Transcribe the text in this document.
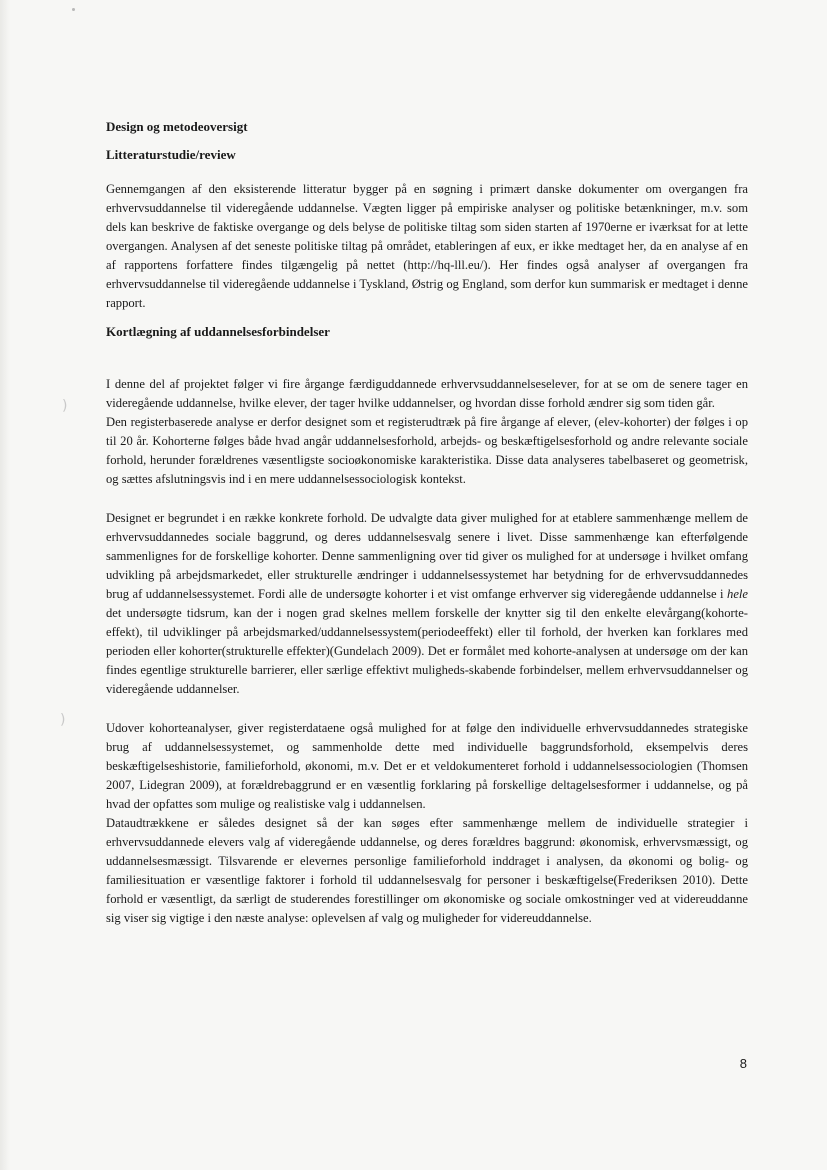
)
)
Design og metodeoversigt
Litteraturstudie/review

Gennemgangen af den eksisterende litteratur bygger på en søgning i primært danske dokumenter om overgangen fra erhvervsuddannelse til videregående uddannelse. Vægten ligger på empiriske analyser og politiske betænkninger, m.v. som dels kan beskrive de faktiske overgange og dels belyse de politiske tiltag som siden starten af 1970erne er iværksat for at lette overgangen. Analysen af det seneste politiske tiltag på området, etableringen af eux, er ikke medtaget her, da en analyse af en af rapportens forfattere findes tilgængelig på nettet (http://hq-lll.eu/). Her findes også analyser af overgangen fra erhvervsuddannelse til videregående uddannelse i Tyskland, Østrig og England, som derfor kun summarisk er medtaget i denne rapport.

Kortlægning af uddannelsesforbindelser

I denne del af projektet følger vi fire årgange færdiguddannede erhvervsuddannelseselever, for at se om de senere tager en videregående uddannelse, hvilke elever, der tager hvilke uddannelser, og hvordan disse forhold ændrer sig som tiden går.

Den registerbaserede analyse er derfor designet som et registerudtræk på fire årgange af elever, (elev-kohorter) der følges i op til 20 år. Kohorterne følges både hvad angår uddannelsesforhold, arbejds- og beskæftigelsesforhold og andre relevante sociale forhold, herunder forældrenes væsentligste socioøkonomiske karakteristika. Disse data analyseres tabelbaseret og geometrisk, og sættes afslutningsvis ind i en mere uddannelsessociologisk kontekst.

Designet er begrundet i en række konkrete forhold. De udvalgte data giver mulighed for at etablere sammenhænge mellem de erhvervsuddannedes sociale baggrund, og deres uddannelsesvalg senere i livet. Disse sammenhænge kan efterfølgende sammenlignes for de forskellige kohorter. Denne sammenligning over tid giver os mulighed for at undersøge i hvilket omfang udvikling på arbejdsmarkedet, eller strukturelle ændringer i uddannelsessystemet har betydning for de erhvervsuddannedes brug af uddannelsessystemet. Fordi alle de undersøgte kohorter i et vist omfange erhverver sig videregående uddannelse i hele det undersøgte tidsrum, kan der i nogen grad skelnes mellem forskelle der knytter sig til den enkelte elevårgang(kohorte-effekt), til udviklinger på arbejdsmarked/uddannelsessystem(periodeeffekt) eller til forhold, der hverken kan forklares med perioden eller kohorter(strukturelle effekter)(Gundelach 2009). Det er formålet med kohorte-analysen at undersøge om der kan findes egentlige strukturelle barrierer, eller særlige effektivt muligheds-skabende forbindelser, mellem erhvervsuddannelser og videregående uddannelser.

Udover kohorteanalyser, giver registerdataene også mulighed for at følge den individuelle erhvervsuddannedes strategiske brug af uddannelsessystemet, og sammenholde dette med individuelle baggrundsforhold, eksempelvis deres beskæftigelseshistorie, familieforhold, økonomi, m.v. Det er et veldokumenteret forhold i uddannelsessociologien (Thomsen 2007, Lidegran 2009), at forældrebaggrund er en væsentlig forklaring på forskellige deltagelsesformer i uddannelse, og på hvad der opfattes som mulige og realistiske valg i uddannelsen.

Dataudtrækkene er således designet så der kan søges efter sammenhænge mellem de individuelle strategier i erhvervsuddannede elevers valg af videregående uddannelse, og deres forældres baggrund: økonomisk, erhvervsmæssigt, og uddannelsesmæssigt. Tilsvarende er elevernes personlige familieforhold inddraget i analysen, da økonomi og bolig- og familiesituation er væsentlige faktorer i forhold til uddannelsesvalg for personer i beskæftigelse(Frederiksen 2010). Dette forhold er væsentligt, da særligt de studerendes forestillinger om økonomiske og sociale omkostninger ved at videreuddanne sig viser sig vigtige i den næste analyse: oplevelsen af valg og muligheder for videreuddannelse.

8
